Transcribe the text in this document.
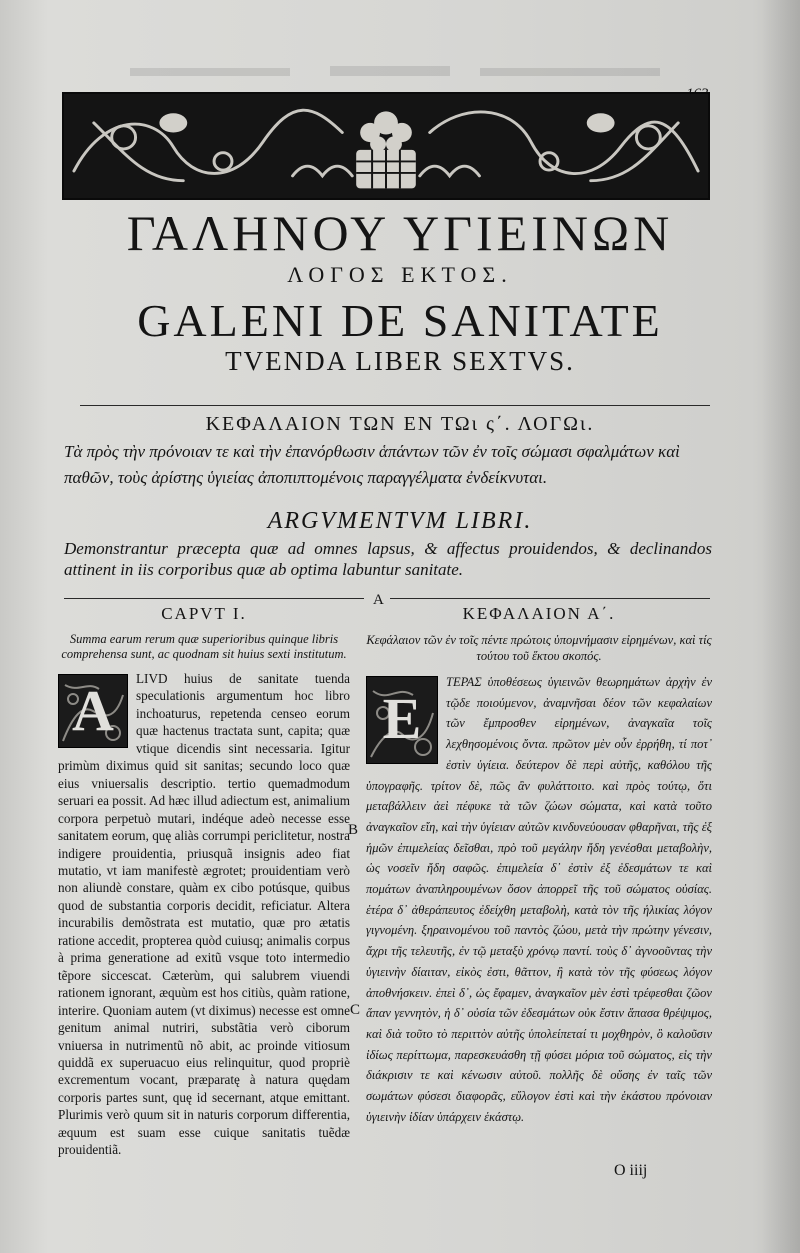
ΓΑΛΗΝΟΥ ΥΓΙΕΙΝΩΝ
ΛΟΓΟΣ ΕΚΤΟΣ.
GALENI DE SANITATE
TVENDA LIBER SEXTVS.
ΚΕΦΑΛΑΙΟΝ ΤΩΝ ΕΝ ΤΩι ς΄. ΛΟΓΩι.
Τὰ πρὸς τὴν πρόνοιαν τε καὶ τὴν ἐπανόρθωσιν ἁπάντων τῶν ἐν τοῖς σώμασι σφαλμάτων καὶ παθῶν, τοὺς ἀρίστης ὑγιείας ἀποπιπτομένοις παραγγέλματα ἐνδείκνυται.
ARGVMENTVM LIBRI.
Demonstrantur præcepta quæ ad omnes lapsus, & affectus prouidendos, & declinandos attinent in iis corporibus quæ ab optima labuntur sanitate.
A
B
C
CAPVT I.
Summa earum rerum quæ superioribus quinque libris comprehensa sunt, ac quodnam sit huius sexti institutum.
A	LIVD huius de sanitate tuenda speculationis argumentum hoc libro inchoaturus, repetenda censeo eorum quæ hactenus tractata sunt, capita; quæ vtique dicendis sint necessaria. Igitur primùm diximus quid sit sanitas; secundo loco quæ eius vniuersalis descriptio. tertio quemadmodum seruari ea possit. Ad hæc illud adiectum est, animalium corpora perpetuò mutari, indéque adeò necesse esse sanitatem eorum, quę aliàs corrumpi periclitetur, nostra indigere prouidentia, priusquã insignis adeo fiat mutatio, vt iam manifestè ægrotet; prouidentiam verò non aliundè constare, quàm ex cibo potúsque, quibus quod de substantia corporis decidit, reficiatur. Altera incurabilis demõstrata est mutatio, quæ pro ætatis ratione accedit, propterea quòd cuiusq; animalis corpus à prima generatione ad exitũ vsque toto intermedio tẽpore siccescat. Cæterùm, qui salubrem viuendi rationem ignorant, æquùm est hos citiùs, quàm ratione, interire. Quoniam autem (vt diximus) necesse est omne genitum animal nutriri, substãtia verò ciborum vniuersa in nutrimentũ nõ abit, ac proinde vitiosum quiddã ex superuacuo eius relinquitur, quod propriè excrementum vocant, præparatę à natura quędam corporis partes sunt, quę id secernant, atque emittant. Plurimis verò quum sit in naturis corporum differentia, æquum est suam esse cuique sanitatis tuẽdæ prouidentiã.

ΚΕΦΑΛΑΙΟΝ Α΄.
Κεφάλαιον τῶν ἐν τοῖς πέντε πρώτοις ὑπομνήμασιν εἰρημένων, καὶ τίς τούτου τοῦ ἕκτου σκοπός.
Ε

ΤΕΡΑΣ ὑποθέσεως ὑγιεινῶν θεωρημάτων ἀρχὴν ἐν τῷδε ποιούμενον, ἀναμνῆσαι δέον τῶν κεφαλαίων τῶν ἔμπροσθεν εἰρημένων, ἀναγκαῖα τοῖς λεχθησομένοις ὄντα. πρῶτον μὲν οὖν ἐρρήθη, τί ποτ᾽ ἐστὶν ὑγίεια. δεύτερον δὲ περὶ αὐτῆς, καθόλου τῆς ὑπογραφῆς. τρίτον δὲ, πῶς ἂν φυλάττοιτο. καὶ πρὸς τούτῳ, ὅτι μεταβάλλειν ἀεὶ πέφυκε τὰ τῶν ζώων σώματα, καὶ κατὰ τοῦτο ἀναγκαῖον εἴη, καὶ τὴν ὑγίειαν αὐτῶν κινδυνεύουσαν φθαρῆναι, τῆς ἐξ ἡμῶν ἐπιμελείας δεῖσθαι, πρὸ τοῦ μεγάλην ἤδη γενέσθαι μεταβολὴν, ὡς νοσεῖν ἤδη σαφῶς. ἐπιμελεία δ᾽ ἐστὶν ἐξ ἐδεσμάτων τε καὶ πομάτων ἀναπληρουμένων ὅσον ἀπορρεῖ τῆς τοῦ σώματος οὐσίας. ἑτέρα δ᾽ ἀθεράπευτος ἐδείχθη μεταβολὴ, κατὰ τὸν τῆς ἡλικίας λόγον γιγνομένη. ξηραινομένου τοῦ παντὸς ζώου, μετὰ τὴν πρώτην γένεσιν, ἄχρι τῆς τελευτῆς, ἐν τῷ μεταξὺ χρόνῳ παντί. τοὺς δ᾽ ἀγνοοῦντας τὴν ὑγιεινὴν δίαιταν, εἰκὸς ἐστι, θᾶττον, ἢ κατὰ τὸν τῆς φύσεως λόγον ἀποθνήσκειν. ἐπεὶ δ᾽, ὡς ἔφαμεν, ἀναγκαῖον μὲν ἐστὶ τρέφεσθαι ζῶον ἅπαν γεννητὸν, ἡ δ᾽ οὐσία τῶν ἐδεσμάτων οὐκ ἔστιν ἅπασα θρέψιμος, καὶ διὰ τοῦτο τὸ περιττὸν αὐτῆς ὑπολείπεταί τι μοχθηρὸν, ὃ καλοῦσιν ἰδίως περίττωμα, παρεσκευάσθη τῇ φύσει μόρια τοῦ σώματος, εἰς τὴν διάκρισιν τε καὶ κένωσιν αὐτοῦ. πολλῆς δὲ οὔσης ἐν ταῖς τῶν σωμάτων φύσεσι διαφορᾶς, εὔλογον ἐστὶ καὶ τὴν ἑκάστου πρόνοιαν ὑγιεινὴν ἰδίαν ὑπάρχειν ἑκάστῳ.

O iiij
